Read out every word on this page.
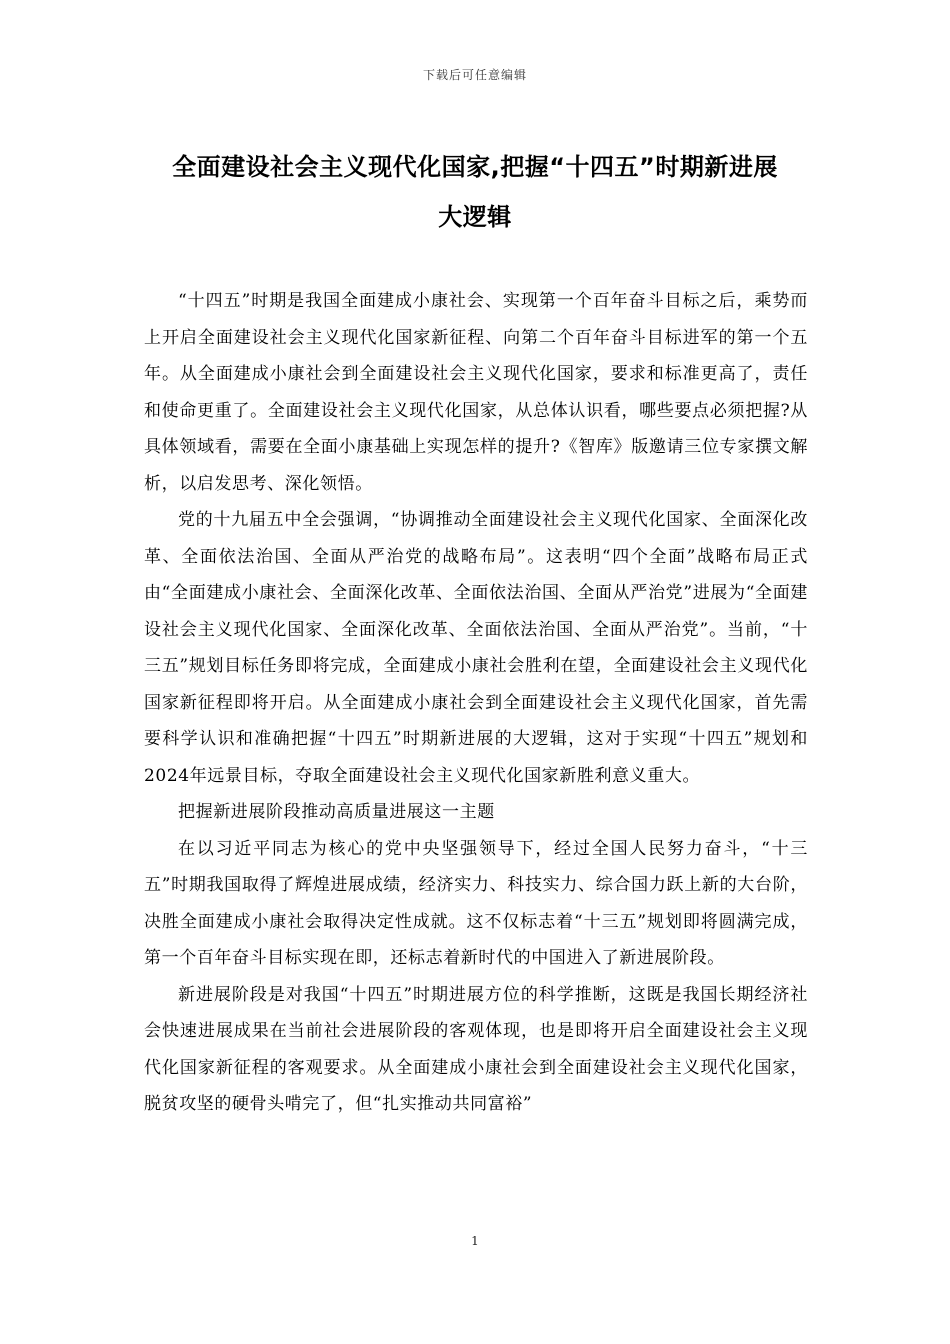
下载后可任意编辑
全面建设社会主义现代化国家,把握“十四五”时期新进展
大逻辑

“十四五”时期是我国全面建成小康社会、实现第一个百年奋斗目标之后，乘势而上开启全面建设社会主义现代化国家新征程、向第二个百年奋斗目标进军的第一个五年。从全面建成小康社会到全面建设社会主义现代化国家，要求和标准更高了，责任和使命更重了。全面建设社会主义现代化国家，从总体认识看，哪些要点必须把握?从具体领域看，需要在全面小康基础上实现怎样的提升?《智库》版邀请三位专家撰文解析，以启发思考、深化领悟。

党的十九届五中全会强调，“协调推动全面建设社会主义现代化国家、全面深化改革、全面依法治国、全面从严治党的战略布局”。这表明“四个全面”战略布局正式由“全面建成小康社会、全面深化改革、全面依法治国、全面从严治党”进展为“全面建设社会主义现代化国家、全面深化改革、全面依法治国、全面从严治党”。当前，“十三五”规划目标任务即将完成，全面建成小康社会胜利在望，全面建设社会主义现代化国家新征程即将开启。从全面建成小康社会到全面建设社会主义现代化国家，首先需要科学认识和准确把握“十四五”时期新进展的大逻辑，这对于实现“十四五”规划和2024年远景目标，夺取全面建设社会主义现代化国家新胜利意义重大。

把握新进展阶段推动高质量进展这一主题

在以习近平同志为核心的党中央坚强领导下，经过全国人民努力奋斗，“十三五”时期我国取得了辉煌进展成绩，经济实力、科技实力、综合国力跃上新的大台阶，决胜全面建成小康社会取得决定性成就。这不仅标志着“十三五”规划即将圆满完成，第一个百年奋斗目标实现在即，还标志着新时代的中国进入了新进展阶段。

新进展阶段是对我国“十四五”时期进展方位的科学推断，这既是我国长期经济社会快速进展成果在当前社会进展阶段的客观体现，也是即将开启全面建设社会主义现代化国家新征程的客观要求。从全面建成小康社会到全面建设社会主义现代化国家，脱贫攻坚的硬骨头啃完了，但“扎实推动共同富裕”

1
